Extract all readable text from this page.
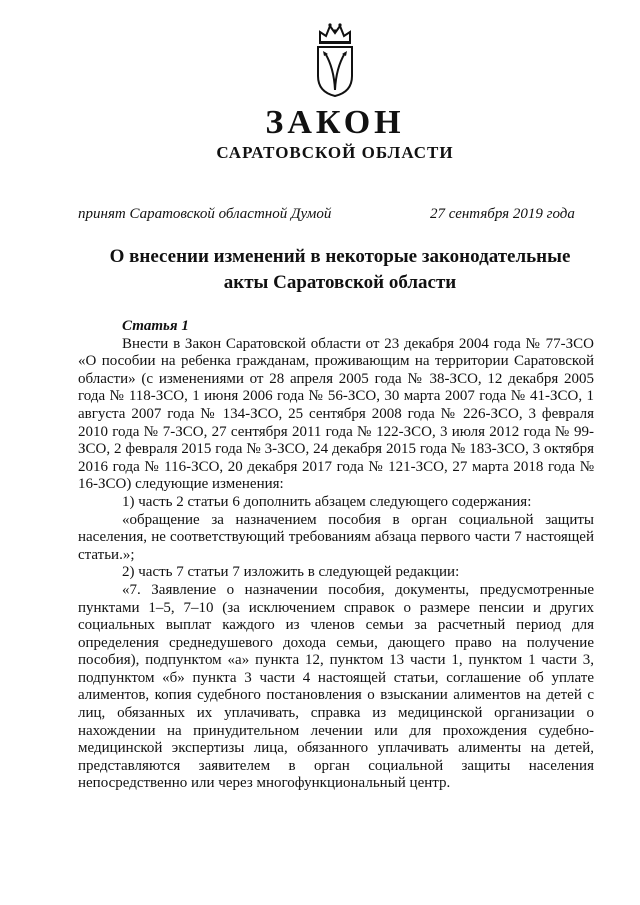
ЗАКОН
САРАТОВСКОЙ ОБЛАСТИ
принят Саратовской областной Думой	27 сентября 2019 года
О внесении изменений в некоторые законодательные
акты Саратовской области

Статья 1

Внести в Закон Саратовской области от 23 декабря 2004 года № 77-ЗСО «О пособии на ребенка гражданам, проживающим на территории Саратовской области» (с изменениями от 28 апреля 2005 года № 38-ЗСО, 12 декабря 2005 года № 118-ЗСО, 1 июня 2006 года № 56-ЗСО, 30 марта 2007 года № 41-ЗСО, 1 августа 2007 года № 134-ЗСО, 25 сентября 2008 года № 226-ЗСО, 3 февраля 2010 года № 7-ЗСО, 27 сентября 2011 года № 122-ЗСО, 3 июля 2012 года № 99-ЗСО, 2 февраля 2015 года № 3-ЗСО, 24 декабря 2015 года № 183-ЗСО, 3 октября 2016 года № 116-ЗСО, 20 декабря 2017 года № 121-ЗСО, 27 марта 2018 года № 16-ЗСО) следующие изменения:

1) часть 2 статьи 6 дополнить абзацем следующего содержания:

«обращение за назначением пособия в орган социальной защиты населения, не соответствующий требованиям абзаца первого части 7 настоящей статьи.»;

2) часть 7 статьи 7 изложить в следующей редакции:

«7. Заявление о назначении пособия, документы, предусмотренные пунктами 1–5, 7–10 (за исключением справок о размере пенсии и других социальных выплат каждого из членов семьи за расчетный период для определения среднедушевого дохода семьи, дающего право на получение пособия), подпунктом «а» пункта 12, пунктом 13 части 1, пунктом 1 части 3, подпунктом «б» пункта 3 части 4 настоящей статьи, соглашение об уплате алиментов, копия судебного постановления о взыскании алиментов на детей с лиц, обязанных их уплачивать, справка из медицинской организации о нахождении на принудительном лечении или для прохождения судебно-медицинской экспертизы лица, обязанного уплачивать алименты на детей, представляются заявителем в орган социальной защиты населения непосредственно или через многофункциональный центр.
